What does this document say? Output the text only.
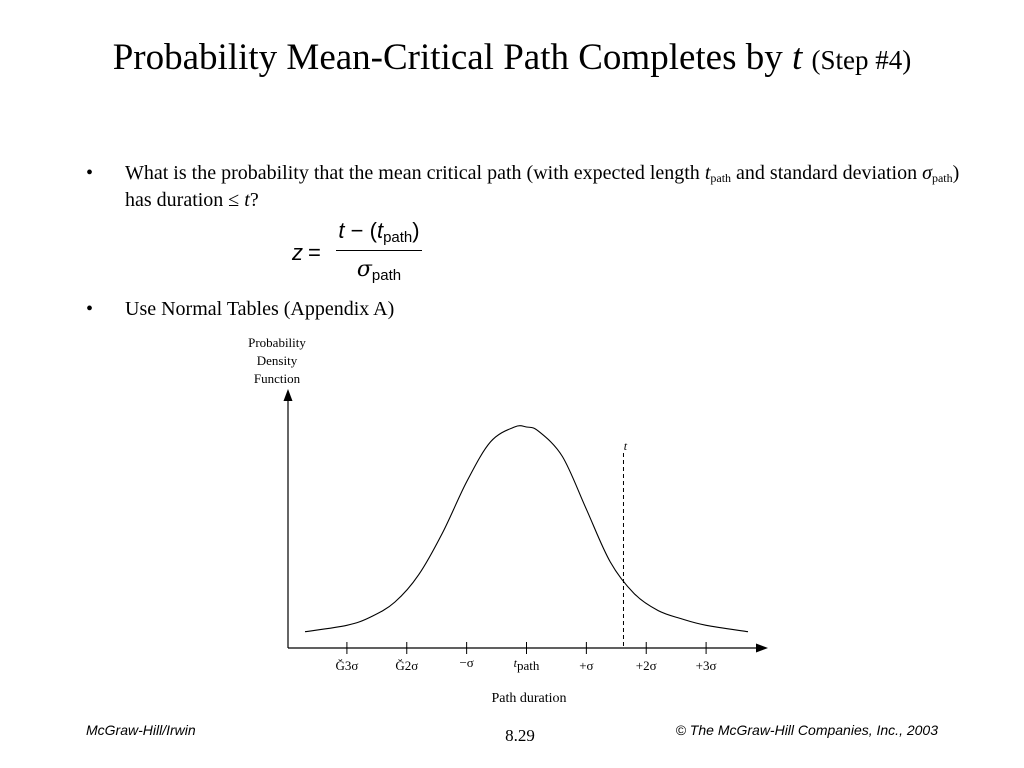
Probability Mean-Critical Path Completes by t (Step #4)
• What is the probability that the mean critical path (with expected length $t_{path}$ and standard deviation $\sigma_{path}$) has duration ≤ t?
z =
$t - (t_{path})$
$\sigma_{path}$
• Use Normal Tables (Appendix A)
Probability
Density
Function
Ğ3σ	Ğ2σ	−σ	tpath	+σ	+2σ	+3σ
t
Path duration
McGraw-Hill/Irwin	8.29	© The McGraw-Hill Companies, Inc., 2003
